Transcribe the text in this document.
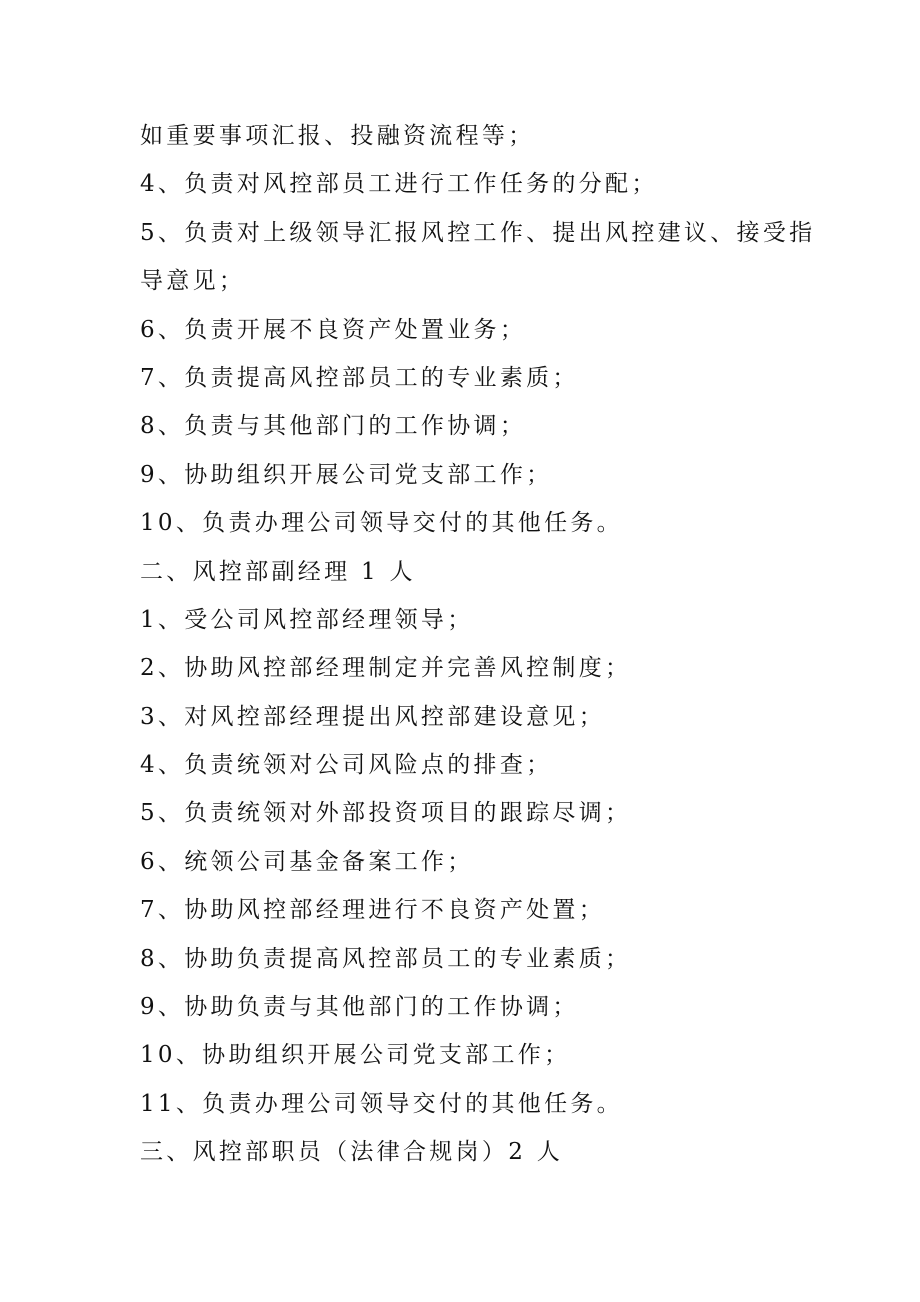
如重要事项汇报、投融资流程等；

4、负责对风控部员工进行工作任务的分配；

5、负责对上级领导汇报风控工作、提出风控建议、接受指

导意见；

6、负责开展不良资产处置业务；

7、负责提高风控部员工的专业素质；

8、负责与其他部门的工作协调；

9、协助组织开展公司党支部工作；

10、负责办理公司领导交付的其他任务。

二、风控部副经理 1 人

1、受公司风控部经理领导；

2、协助风控部经理制定并完善风控制度；

3、对风控部经理提出风控部建设意见；

4、负责统领对公司风险点的排查；

5、负责统领对外部投资项目的跟踪尽调；

6、统领公司基金备案工作；

7、协助风控部经理进行不良资产处置；

8、协助负责提高风控部员工的专业素质；

9、协助负责与其他部门的工作协调；

10、协助组织开展公司党支部工作；

11、负责办理公司领导交付的其他任务。

三、风控部职员（法律合规岗）2 人
